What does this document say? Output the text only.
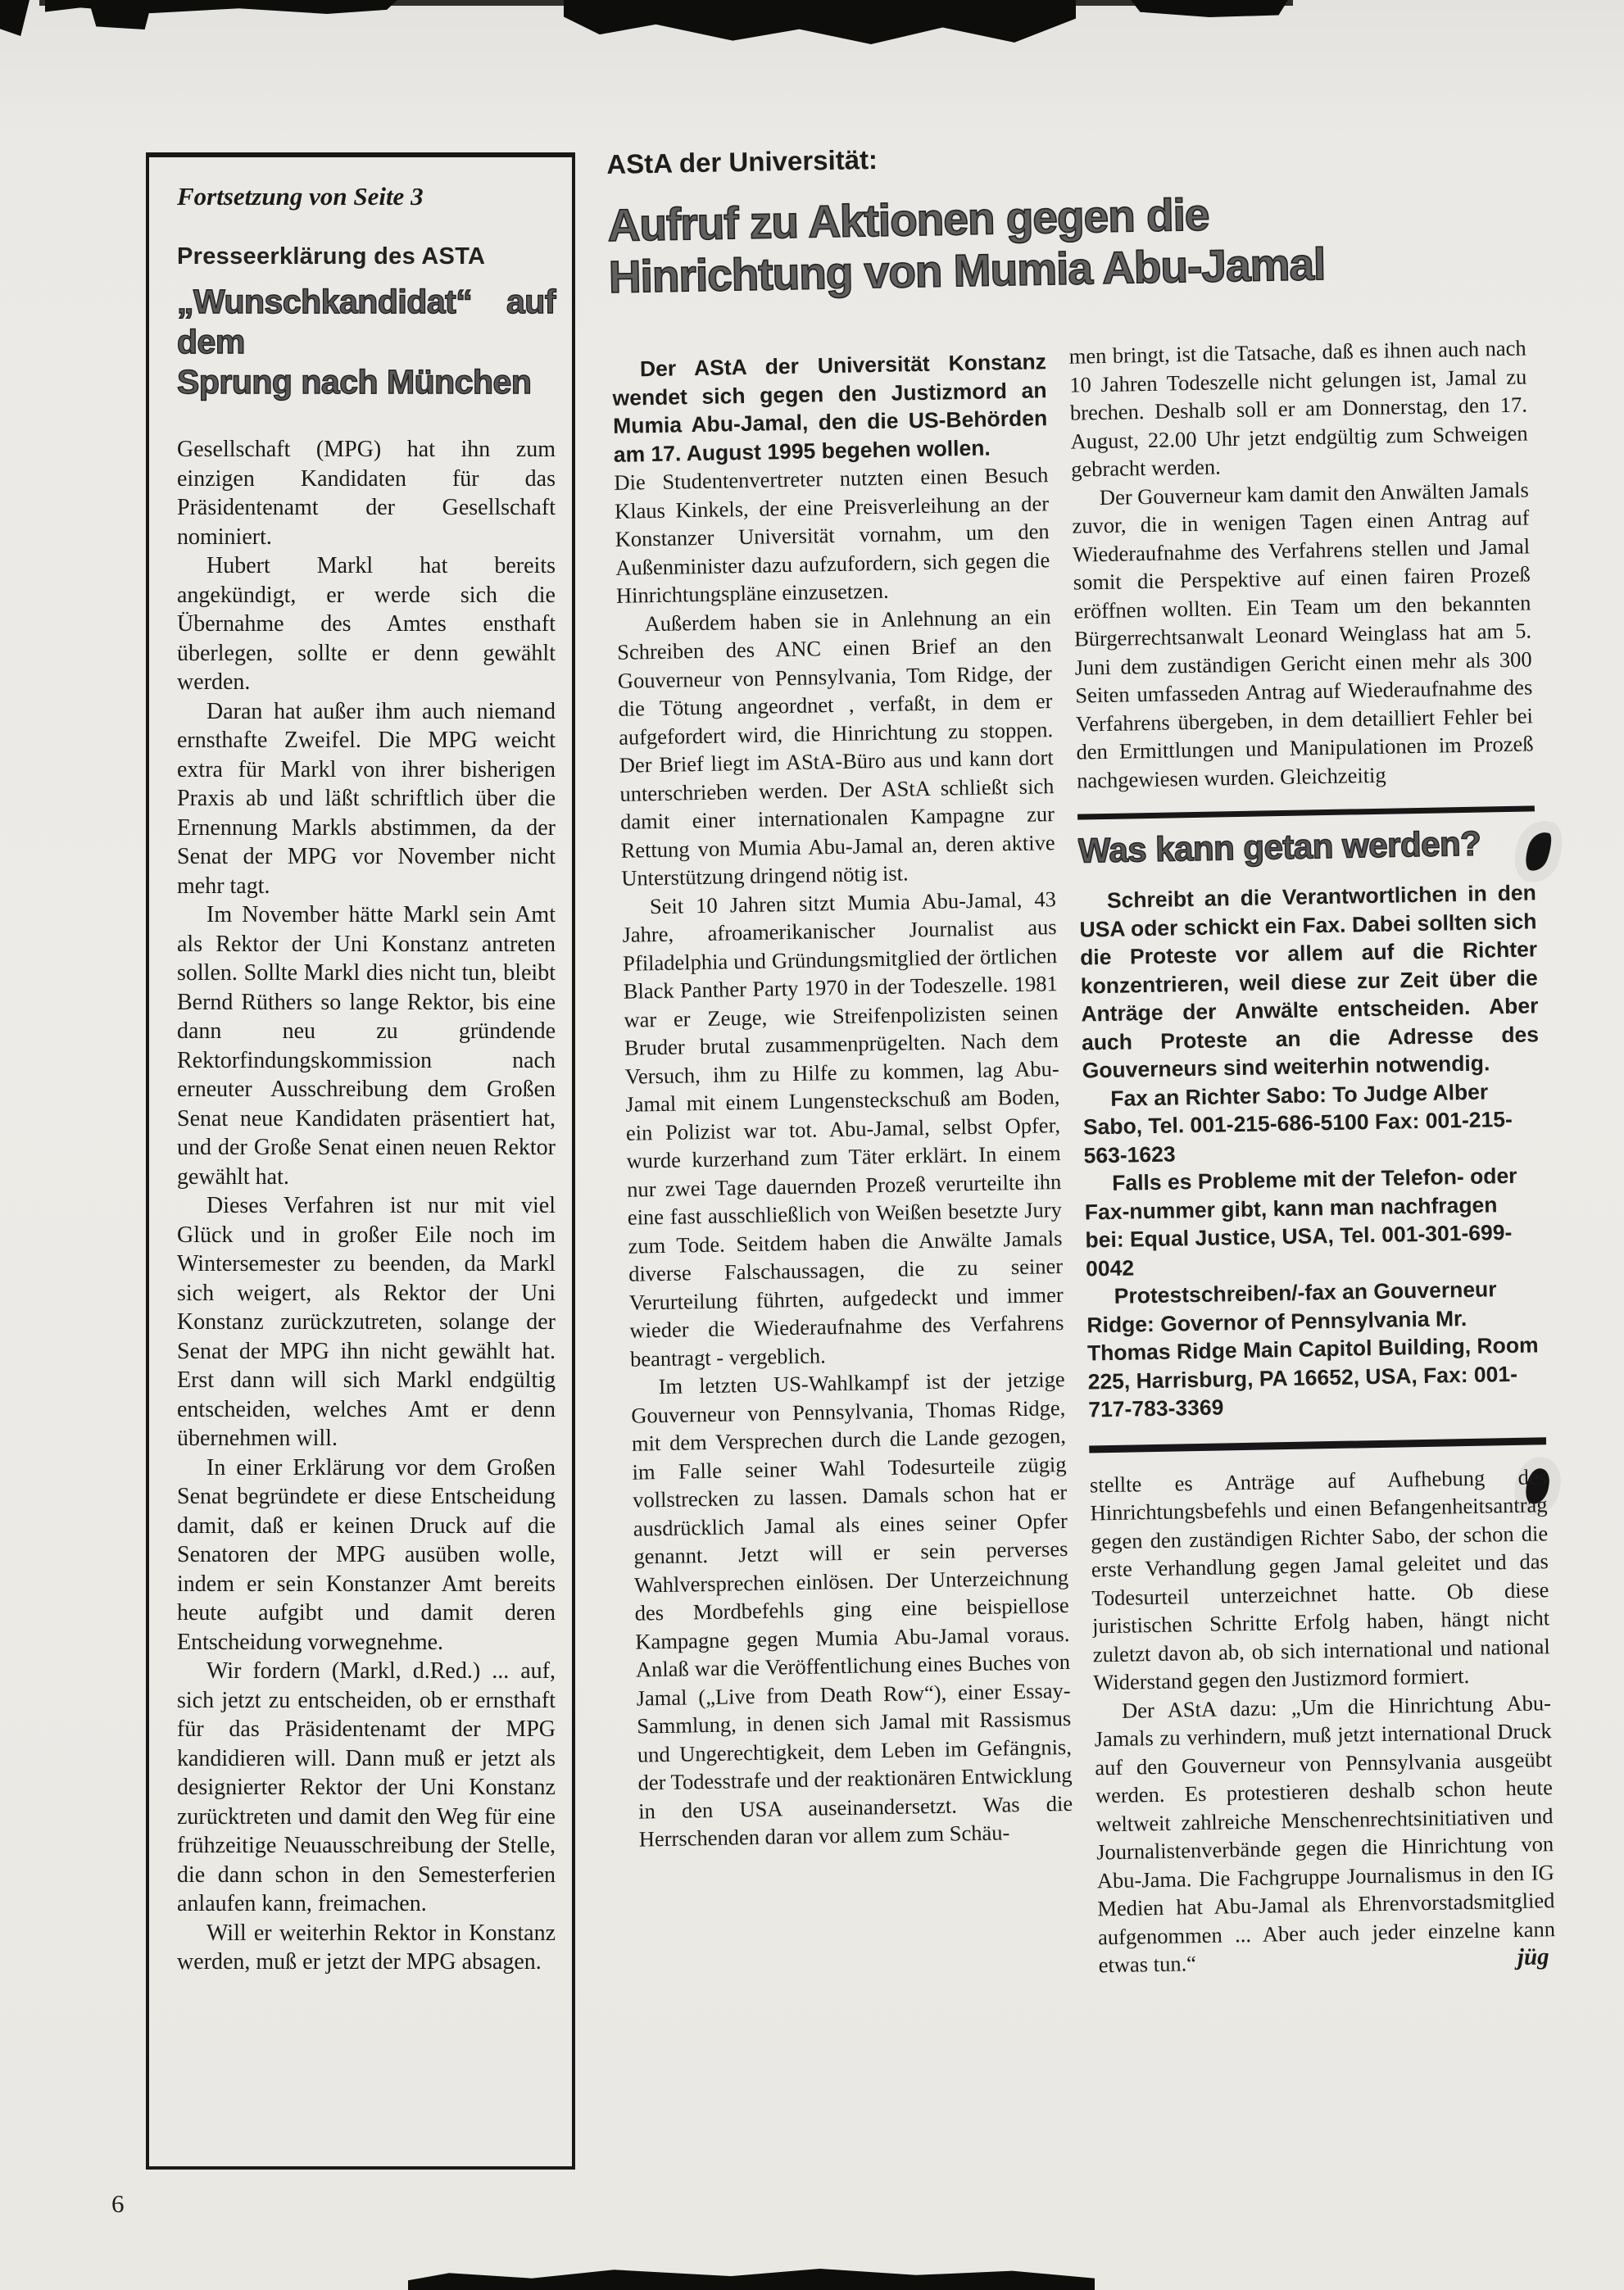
Fortsetzung von Seite 3
Presseerklärung des ASTA
„Wunschkandidat“ auf
dem
Sprung nach München

Gesellschaft (MPG) hat ihn zum einzigen Kandidaten für das Präsidentenamt der Gesellschaft nominiert.

Hubert Markl hat bereits angekündigt, er werde sich die Übernahme des Amtes ensthaft überlegen, sollte er denn gewählt werden.

Daran hat außer ihm auch niemand ernsthafte Zweifel. Die MPG weicht extra für Markl von ihrer bisherigen Praxis ab und läßt schriftlich über die Ernennung Markls abstimmen, da der Senat der MPG vor November nicht mehr tagt.

Im November hätte Markl sein Amt als Rektor der Uni Konstanz antreten sollen. Sollte Markl dies nicht tun, bleibt Bernd Rüthers so lange Rektor, bis eine dann neu zu gründende Rektorfindungskommission nach erneuter Ausschreibung dem Großen Senat neue Kandidaten präsentiert hat, und der Große Senat einen neuen Rektor gewählt hat.

Dieses Verfahren ist nur mit viel Glück und in großer Eile noch im Wintersemester zu beenden, da Markl sich weigert, als Rektor der Uni Konstanz zurückzutreten, solange der Senat der MPG ihn nicht gewählt hat. Erst dann will sich Markl endgültig entscheiden, welches Amt er denn übernehmen will.

In einer Erklärung vor dem Großen Senat begründete er diese Entscheidung damit, daß er keinen Druck auf die Senatoren der MPG ausüben wolle, indem er sein Konstanzer Amt bereits heute aufgibt und damit deren Entscheidung vorwegnehme.

Wir fordern (Markl, d.Red.) ... auf, sich jetzt zu entscheiden, ob er ernsthaft für das Präsidentenamt der MPG kandidieren will. Dann muß er jetzt als designierter Rektor der Uni Konstanz zurücktreten und damit den Weg für eine frühzeitige Neuausschreibung der Stelle, die dann schon in den Semesterferien anlaufen kann, freimachen.

Will er weiterhin Rektor in Konstanz werden, muß er jetzt der MPG absagen.

AStA der Universität:
Aufruf zu Aktionen gegen die
Hinrichtung von Mumia Abu-Jamal

Der AStA der Universität Konstanz wendet sich gegen den Justizmord an Mumia Abu-Jamal, den die US-Behörden am 17. August 1995 begehen wollen.

Die Studentenvertreter nutzten einen Besuch Klaus Kinkels, der eine Preisverleihung an der Konstanzer Universität vornahm, um den Außenminister dazu aufzufordern, sich gegen die Hinrichtungspläne einzusetzen.

Außerdem haben sie in Anlehnung an ein Schreiben des ANC einen Brief an den Gouverneur von Pennsylvania, Tom Ridge, der die Tötung angeordnet , verfaßt, in dem er aufgefordert wird, die Hinrichtung zu stoppen. Der Brief liegt im AStA-Büro aus und kann dort unterschrieben werden. Der AStA schließt sich damit einer internationalen Kampagne zur Rettung von Mumia Abu-Jamal an, deren aktive Unterstützung dringend nötig ist.

Seit 10 Jahren sitzt Mumia Abu-Jamal, 43 Jahre, afroamerikanischer Journalist aus Pfiladelphia und Gründungsmitglied der örtlichen Black Panther Party 1970 in der Todeszelle. 1981 war er Zeuge, wie Streifenpolizisten seinen Bruder brutal zusammenprügelten. Nach dem Versuch, ihm zu Hilfe zu kommen, lag Abu-Jamal mit einem Lungensteckschuß am Boden, ein Polizist war tot. Abu-Jamal, selbst Opfer, wurde kurzerhand zum Täter erklärt. In einem nur zwei Tage dauernden Prozeß verurteilte ihn eine fast ausschließlich von Weißen besetzte Jury zum Tode. Seitdem haben die Anwälte Jamals diverse Falschaussagen, die zu seiner Verurteilung führten, aufgedeckt und immer wieder die Wiederaufnahme des Verfahrens beantragt - vergeblich.

Im letzten US-Wahlkampf ist der jetzige Gouverneur von Pennsylvania, Thomas Ridge, mit dem Versprechen durch die Lande gezogen, im Falle seiner Wahl Todesurteile zügig vollstrecken zu lassen. Damals schon hat er ausdrücklich Jamal als eines seiner Opfer genannt. Jetzt will er sein perverses Wahlversprechen einlösen. Der Unterzeichnung des Mordbefehls ging eine beispiellose Kampagne gegen Mumia Abu-Jamal voraus. Anlaß war die Veröffentlichung eines Buches von Jamal („Live from Death Row“), einer Essay-Sammlung, in denen sich Jamal mit Rassismus und Ungerechtigkeit, dem Leben im Gefängnis, der Todesstrafe und der reaktionären Entwicklung in den USA auseinandersetzt. Was die Herrschenden daran vor allem zum Schäu-

men bringt, ist die Tatsache, daß es ihnen auch nach 10 Jahren Todeszelle nicht gelungen ist, Jamal zu brechen. Deshalb soll er am Donnerstag, den 17. August, 22.00 Uhr jetzt endgültig zum Schweigen gebracht werden.

Der Gouverneur kam damit den Anwälten Jamals zuvor, die in wenigen Tagen einen Antrag auf Wiederaufnahme des Verfahrens stellen und Jamal somit die Perspektive auf einen fairen Prozeß eröffnen wollten. Ein Team um den bekannten Bürgerrechtsanwalt Leonard Weinglass hat am 5. Juni dem zuständigen Gericht einen mehr als 300 Seiten umfasseden Antrag auf Wiederaufnahme des Verfahrens übergeben, in dem detailliert Fehler bei den Ermittlungen und Manipulationen im Prozeß nachgewiesen wurden. Gleichzeitig

Was kann getan werden?

Schreibt an die Verantwortlichen in den USA oder schickt ein Fax. Dabei sollten sich die Proteste vor allem auf die Richter konzentrieren, weil diese zur Zeit über die Anträge der Anwälte entscheiden. Aber auch Proteste an die Adresse des Gouverneurs sind weiterhin notwendig.

Fax an Richter Sabo: To Judge Alber Sabo, Tel. 001-215-686-5100 Fax: 001-215-563-1623

Falls es Probleme mit der Telefon- oder Fax-nummer gibt, kann man nachfragen bei: Equal Justice, USA, Tel. 001-301-699-0042

Protestschreiben/-fax an Gouverneur Ridge: Governor of Pennsylvania Mr. Thomas Ridge Main Capitol Building, Room 225, Harrisburg, PA 16652, USA, Fax: 001-717-783-3369

stellte es Anträge auf Aufhebung des Hinrichtungsbefehls und einen Befangenheitsantrag gegen den zuständigen Richter Sabo, der schon die erste Verhandlung gegen Jamal geleitet und das Todesurteil unterzeichnet hatte. Ob diese juristischen Schritte Erfolg haben, hängt nicht zuletzt davon ab, ob sich international und national Widerstand gegen den Justizmord formiert.

Der AStA dazu: „Um die Hinrichtung Abu-Jamals zu verhindern, muß jetzt international Druck auf den Gouverneur von Pennsylvania ausgeübt werden. Es protestieren deshalb schon heute weltweit zahlreiche Menschenrechtsinitiativen und Journalistenverbände gegen die Hinrichtung von Abu-Jama. Die Fachgruppe Journalismus in den IG Medien hat Abu-Jamal als Ehrenvorstadsmitglied aufgenommen ... Aber auch jeder einzelne kann etwas tun.“	jüg
6
